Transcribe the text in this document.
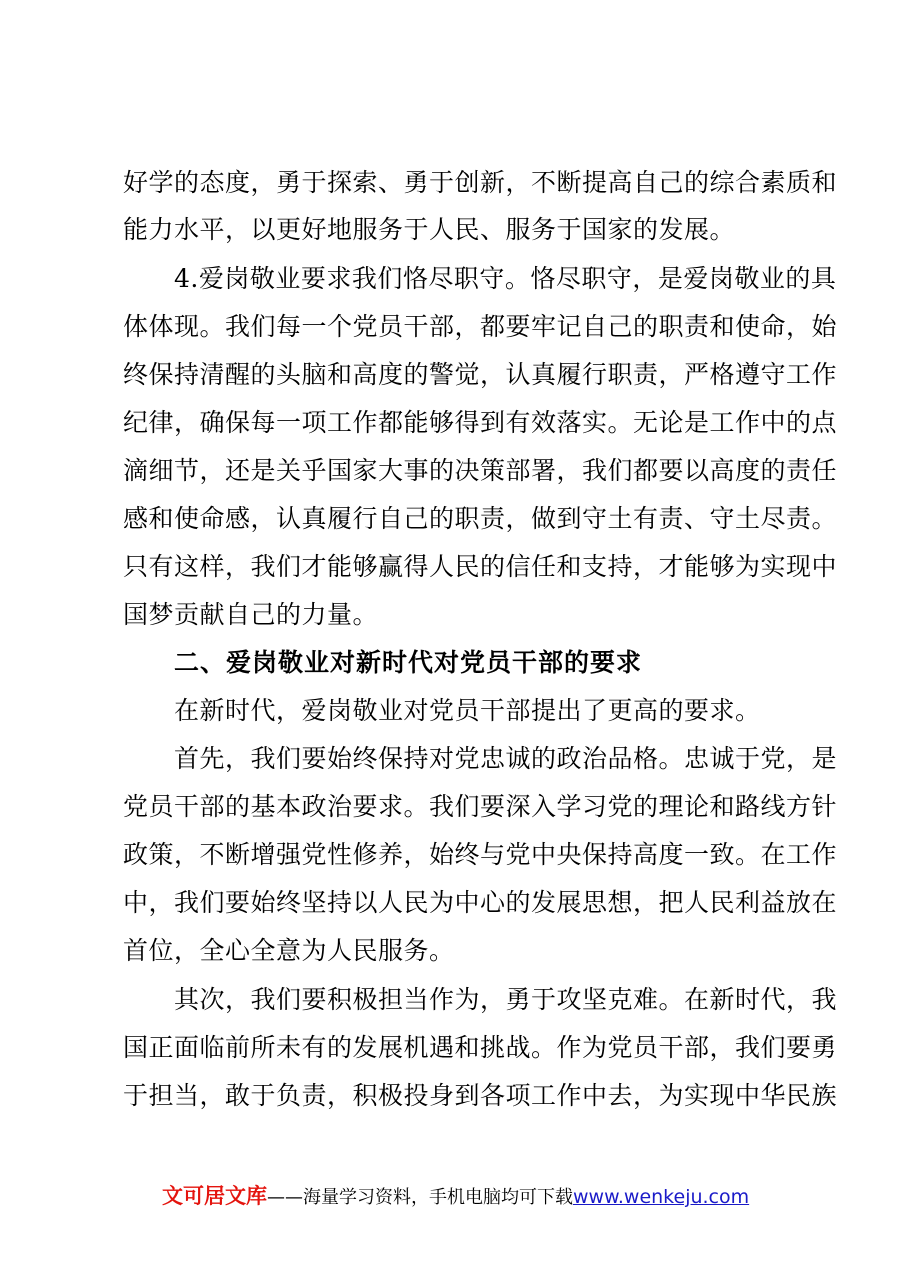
好学的态度，勇于探索、勇于创新，不断提高自己的综合素质和
能力水平，以更好地服务于人民、服务于国家的发展。
4.爱岗敬业要求我们恪尽职守。恪尽职守，是爱岗敬业的具
体体现。我们每一个党员干部，都要牢记自己的职责和使命，始
终保持清醒的头脑和高度的警觉，认真履行职责，严格遵守工作
纪律，确保每一项工作都能够得到有效落实。无论是工作中的点
滴细节，还是关乎国家大事的决策部署，我们都要以高度的责任
感和使命感，认真履行自己的职责，做到守土有责、守土尽责。
只有这样，我们才能够赢得人民的信任和支持，才能够为实现中
国梦贡献自己的力量。
二、爱岗敬业对新时代对党员干部的要求
在新时代，爱岗敬业对党员干部提出了更高的要求。
首先，我们要始终保持对党忠诚的政治品格。忠诚于党，是
党员干部的基本政治要求。我们要深入学习党的理论和路线方针
政策，不断增强党性修养，始终与党中央保持高度一致。在工作
中，我们要始终坚持以人民为中心的发展思想，把人民利益放在
首位，全心全意为人民服务。
其次，我们要积极担当作为，勇于攻坚克难。在新时代，我
国正面临前所未有的发展机遇和挑战。作为党员干部，我们要勇
于担当，敢于负责，积极投身到各项工作中去，为实现中华民族
文可居文库——海量学习资料，手机电脑均可下载www.wenkeju.com
